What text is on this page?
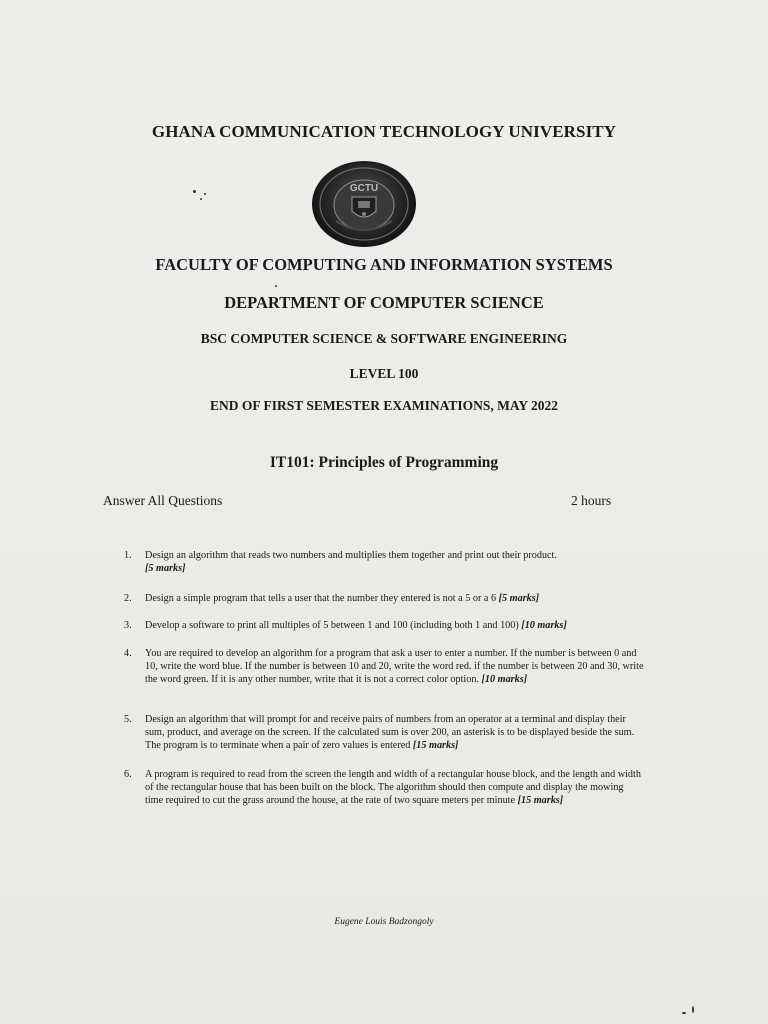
GHANA COMMUNICATION TECHNOLOGY UNIVERSITY
GCTU
FACULTY OF COMPUTING AND INFORMATION SYSTEMS
DEPARTMENT OF COMPUTER SCIENCE
BSC COMPUTER SCIENCE & SOFTWARE ENGINEERING
LEVEL 100
END OF FIRST SEMESTER EXAMINATIONS, MAY 2022
IT101: Principles of Programming
Answer All Questions	2 hours
1. Design an algorithm that reads two numbers and multiplies them together and print out their product.
[5 marks]
2. Design a simple program that tells a user that the number they entered is not a 5 or a 6 [5 marks]
3. Develop a software to print all multiples of 5 between 1 and 100 (including both 1 and 100) [10 marks]
4. You are required to develop an algorithm for a program that ask a user to enter a number. If the number is between 0 and 10, write the word blue. If the number is between 10 and 20, write the word red. if the number is between 20 and 30, write the word green. If it is any other number, write that it is not a correct color option. [10 marks]
5. Design an algorithm that will prompt for and receive pairs of numbers from an operator at a terminal and display their sum, product, and average on the screen. If the calculated sum is over 200, an asterisk is to be displayed beside the sum. The program is to terminate when a pair of zero values is entered [15 marks]
6. A program is required to read from the screen the length and width of a rectangular house block, and the length and width of the rectangular house that has been built on the block. The algorithm should then compute and display the mowing time required to cut the grass around the house, at the rate of two square meters per minute [15 marks]
Eugene Louis Badzongoly
